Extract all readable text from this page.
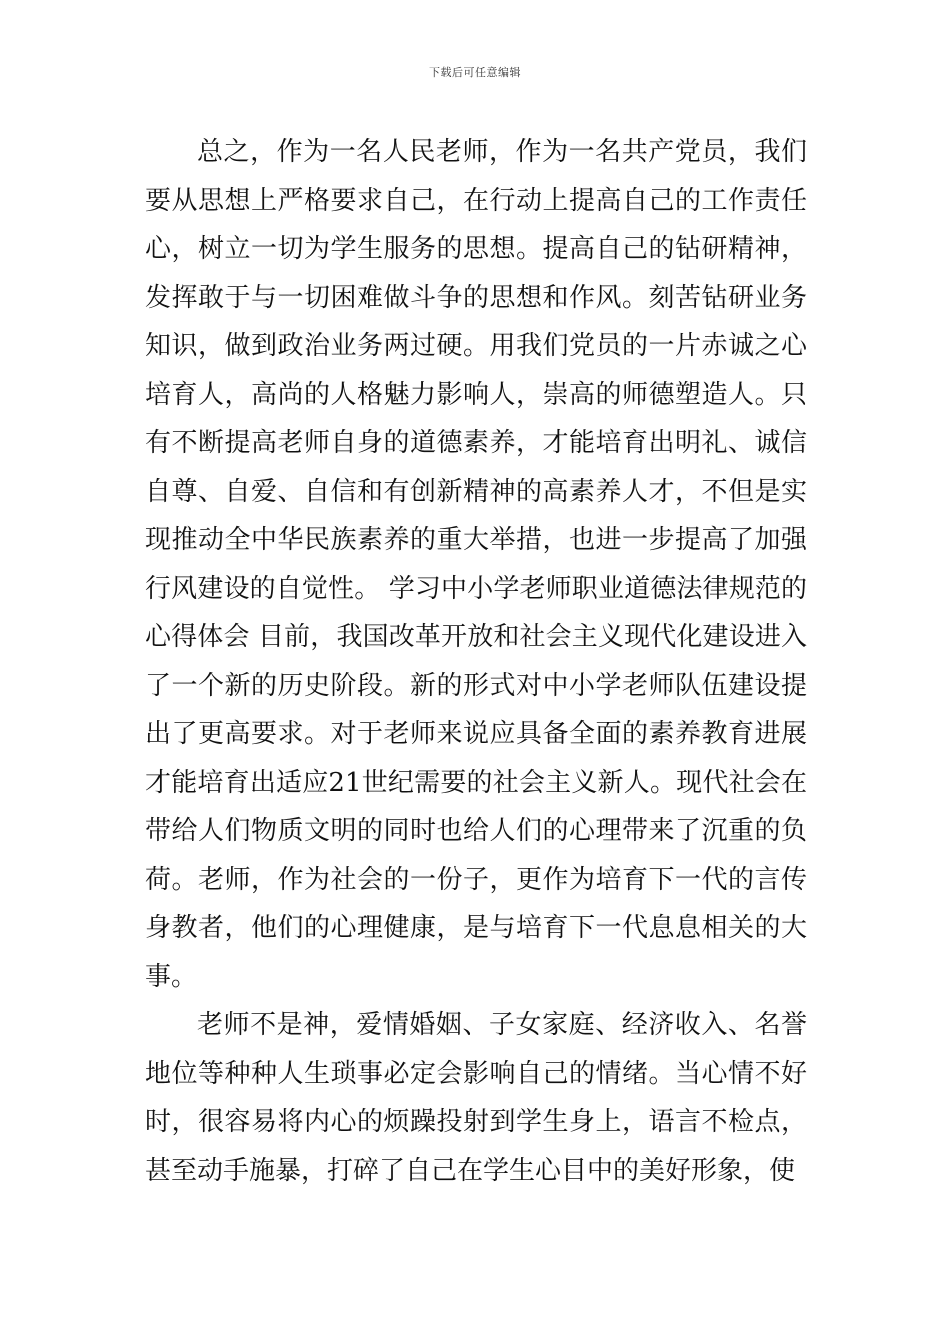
下载后可任意编辑

总之，作为一名人民老师，作为一名共产党员，我们要从思想上严格要求自己，在行动上提高自己的工作责任心，树立一切为学生服务的思想。提高自己的钻研精神，发挥敢于与一切困难做斗争的思想和作风。刻苦钻研业务知识，做到政治业务两过硬。用我们党员的一片赤诚之心培育人，高尚的人格魅力影响人，崇高的师德塑造人。只有不断提高老师自身的道德素养，才能培育出明礼、诚信自尊、自爱、自信和有创新精神的高素养人才，不但是实现推动全中华民族素养的重大举措，也进一步提高了加强行风建设的自觉性。 学习中小学老师职业道德法律规范的心得体会 目前，我国改革开放和社会主义现代化建设进入了一个新的历史阶段。新的形式对中小学老师队伍建设提出了更高要求。对于老师来说应具备全面的素养教育进展才能培育出适应21世纪需要的社会主义新人。现代社会在带给人们物质文明的同时也给人们的心理带来了沉重的负荷。老师，作为社会的一份子，更作为培育下一代的言传身教者，他们的心理健康，是与培育下一代息息相关的大事。

老师不是神，爱情婚姻、子女家庭、经济收入、名誉地位等种种人生琐事必定会影响自己的情绪。当心情不好时，很容易将内心的烦躁投射到学生身上，语言不检点，甚至动手施暴，打碎了自己在学生心目中的美好形象，使
